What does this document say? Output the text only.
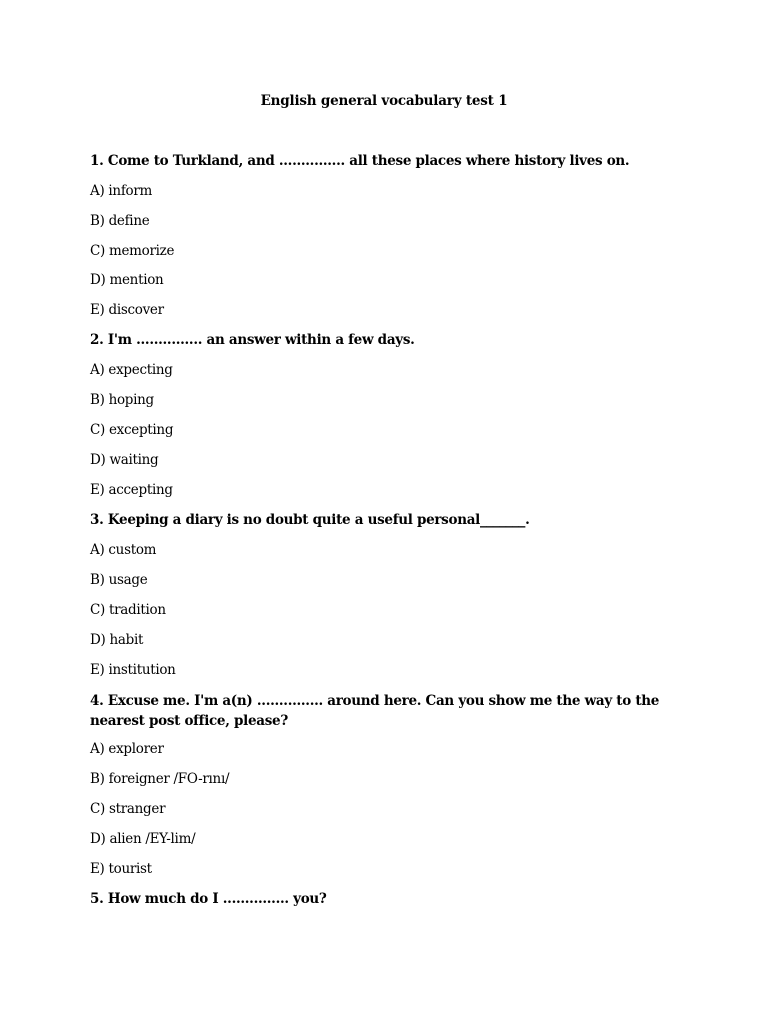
English general vocabulary test 1
1. Come to Turkland, and ............... all these places where history lives on.
A) inform
B) define
C) memorize
D) mention
E) discover
2. I'm ............... an answer within a few days.
A) expecting
B) hoping
C) excepting
D) waiting
E) accepting
3. Keeping a diary is no doubt quite a useful personal_______.
A) custom
B) usage
C) tradition
D) habit
E) institution
4. Excuse me. I'm a(n) ............... around here. Can you show me the way to the nearest post office, please?
A) explorer
B) foreigner /FO-rını/
C) stranger
D) alien /EY-lim/
E) tourist
5. How much do I ............... you?
